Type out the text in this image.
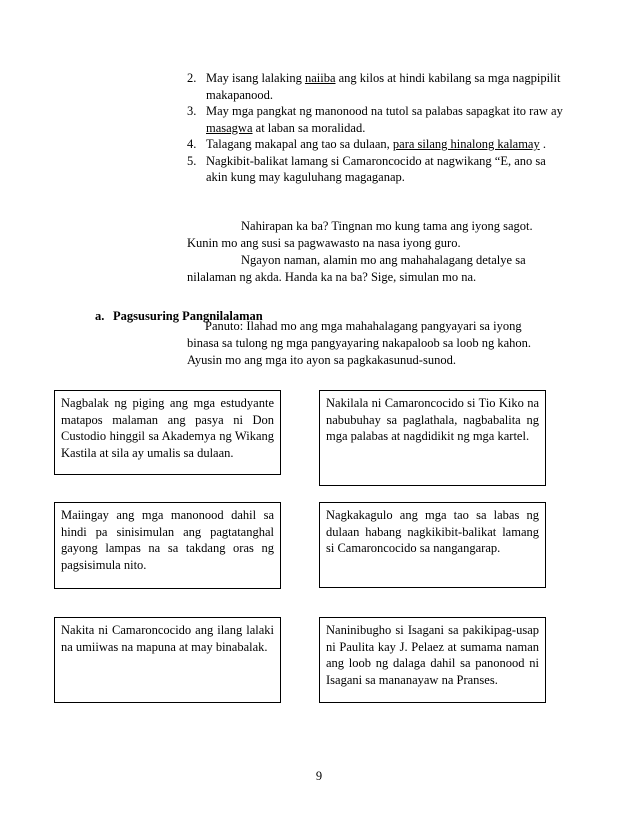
2. May isang lalaking naiiba ang kilos at hindi kabilang sa mga nagpipilit makapanood.
3. May mga pangkat ng manonood na tutol sa palabas sapagkat ito raw ay masagwa at laban sa moralidad.
4. Talagang makapal ang tao sa dulaan, para silang hinalong kalamay .
5. Nagkibit-balikat lamang si Camaroncocido at nagwikang “E, ano sa akin kung may kaguluhang magaganap.
Nahirapan ka ba? Tingnan mo kung tama ang iyong sagot.
Kunin mo ang susi sa pagwawasto na nasa iyong guro.
Ngayon naman, alamin mo ang mahahalagang detalye sa
nilalaman ng akda. Handa ka na ba? Sige, simulan mo na.
a. Pagsusuring Pangnilalaman
Panuto: Ilahad mo ang mga mahahalagang pangyayari sa iyong
binasa sa tulong ng mga pangyayaring nakapaloob sa loob ng kahon.
Ayusin mo ang mga ito ayon sa pagkakasunud-sunod.

Nagbalak ng piging ang mga estudyante matapos malaman ang pasya ni Don Custodio hinggil sa Akademya ng Wikang Kastila at sila ay umalis sa dulaan.

Nakilala ni Camaroncocido si Tio Kiko na nabubuhay sa paglathala, nagbabalita ng mga palabas at nagdidikit ng mga kartel.

Maiingay ang mga manonood dahil sa hindi pa sinisimulan ang pagtatanghal gayong lampas na sa takdang oras ng pagsisimula nito.

Nagkakagulo ang mga tao sa labas ng dulaan habang nagkikibit-balikat lamang si Camaroncocido sa nangangarap.

Nakita ni Camaroncocido ang ilang lalaki na umiiwas na mapuna at may binabalak.

Naninibugho si Isagani sa pakikipag-usap ni Paulita kay J. Pelaez at sumama naman ang loob ng dalaga dahil sa panonood ni Isagani sa mananayaw na Pranses.

9
